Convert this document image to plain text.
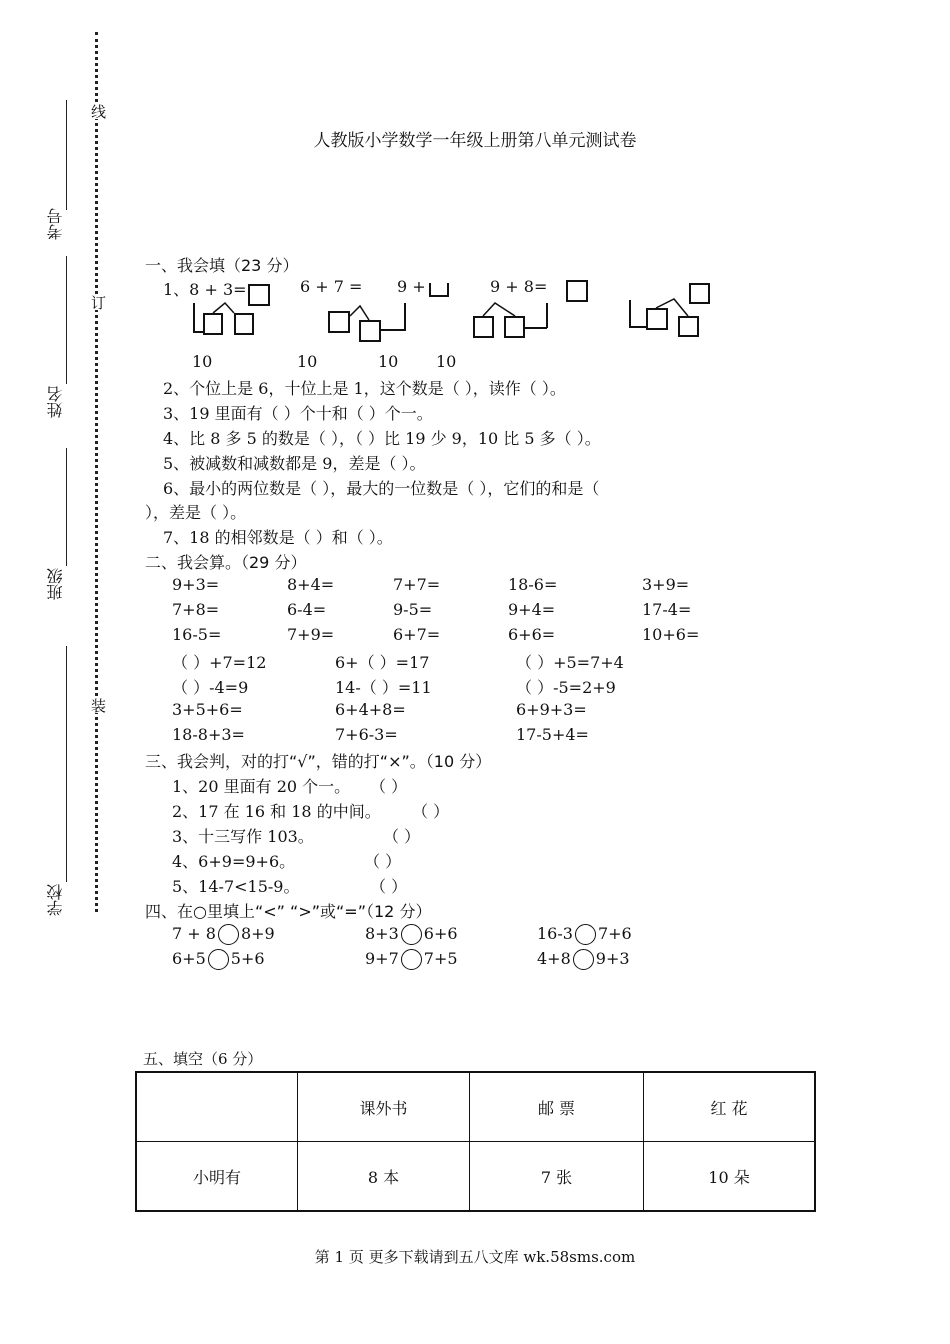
线
订
装
考号
姓名
班级
学校
人教版小学数学一年级上册第八单元测试卷
一、我会填（23 分）
1、8 + 3=	6 + 7 = 9 +	9 + 8=
10	10	10 10
2、个位上是 6，十位上是 1，这个数是（ ），读作（ ）。
3、19 里面有（ ）个十和（ ）个一。
4、比 8 多 5 的数是（ ），（ ）比 19 少 9，10 比 5 多（ ）。
5、被减数和减数都是 9，差是（ ）。
6、最小的两位数是（ ），最大的一位数是（ ），它们的和是（
），差是（ ）。
7、18 的相邻数是（ ）和（ ）。
二、我会算。（29 分）
9+3=	8+4=	7+7=	18-6=	3+9=
7+8=	6-4=	9-5=	9+4=	17-4=
16-5=	7+9=	6+7=	6+6=	10+6=
（ ）+7=12	6+（ ）=17	（ ）+5=7+4
（ ）-4=9	14-（ ）=11	（ ）-5=2+9
3+5+6=	6+4+8=	6+9+3=
18-8+3=	7+6-3=	17-5+4=
三、我会判，对的打“√”，错的打“×”。（10 分）
1、20 里面有 20 个一。 （ ）
2、17 在 16 和 18 的中间。 （ ）
3、十三写作 103。	（ ）
4、6+9=9+6。	（ ）
5、14-7<15-9。	（ ）
四、在○里填上“<” “>”或“=”（12 分）
7 + 8 8+9	8+3 6+6	16-3 7+6
6+5 5+6	9+7 7+5	4+8 9+3
五、填空（6 分）
	课外书	邮 票	红 花
小明有	8 本	7 张	10 朵
第 1 页 更多下载请到五八文库 wk.58sms.com
